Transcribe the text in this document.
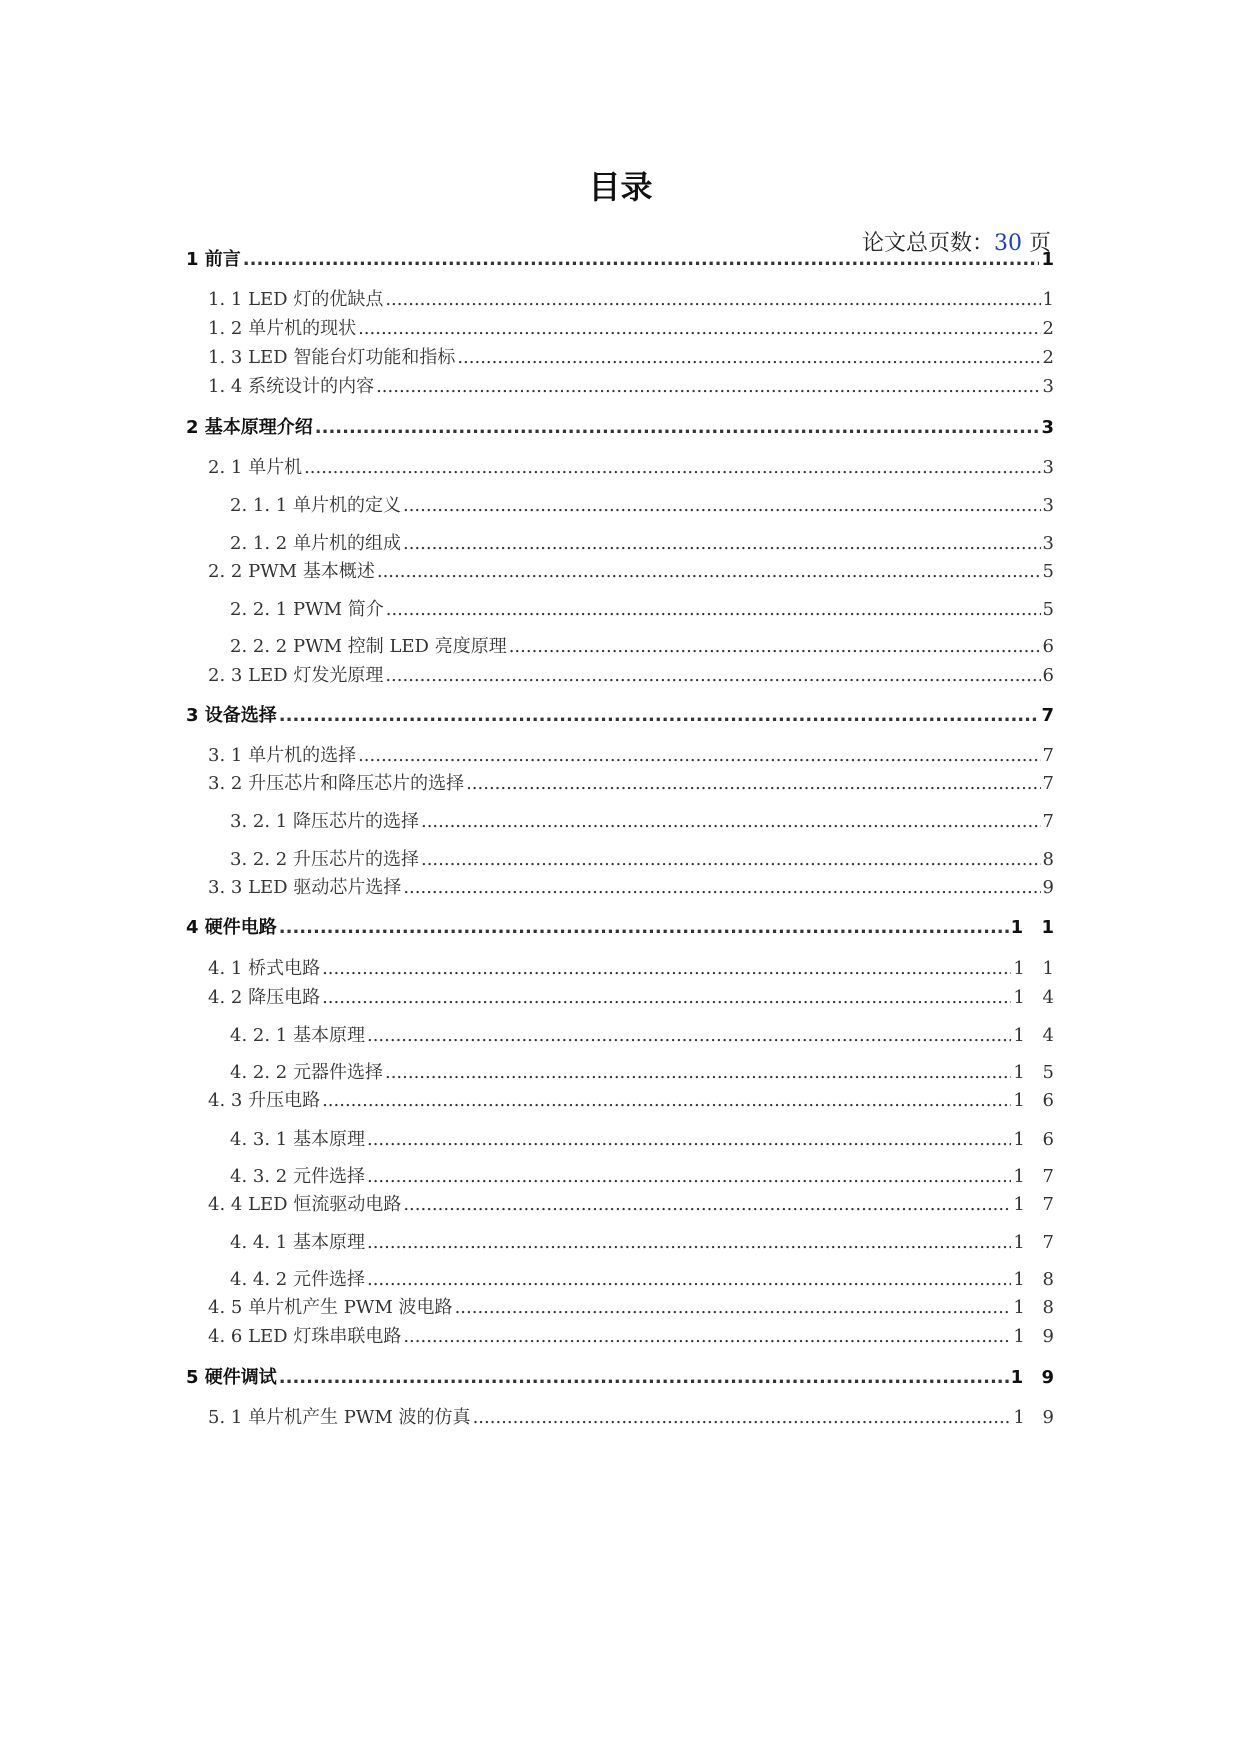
目录
论文总页数：30 页
1 前言 .....	1
1. 1 LED 灯的优缺点 .....	1
1. 2 单片机的现状 .....	2
1. 3 LED 智能台灯功能和指标 .....	2
1. 4 系统设计的内容 .....	3
2 基本原理介绍 .....	3
2. 1 单片机 .....	3
2. 1. 1 单片机的定义 .....	3
2. 1. 2 单片机的组成 .....	3
2. 2 PWM 基本概述 .....	5
2. 2. 1 PWM 简介 .....	5
2. 2. 2 PWM 控制 LED 亮度原理 .....	6
2. 3 LED 灯发光原理 .....	6
3 设备选择 .....	7
3. 1 单片机的选择 .....	7
3. 2 升压芯片和降压芯片的选择 .....	7
3. 2. 1 降压芯片的选择 .....	7
3. 2. 2 升压芯片的选择 .....	8
3. 3 LED 驱动芯片选择 .....	9
4 硬件电路 .....	1 1
4. 1 桥式电路 .....	1 1
4. 2 降压电路 .....	1 4
4. 2. 1 基本原理 .....	1 4
4. 2. 2 元器件选择 .....	1 5
4. 3 升压电路 .....	1 6
4. 3. 1 基本原理 .....	1 6
4. 3. 2 元件选择 .....	1 7
4. 4 LED 恒流驱动电路 .....	1 7
4. 4. 1 基本原理 .....	1 7
4. 4. 2 元件选择 .....	1 8
4. 5 单片机产生 PWM 波电路 .....	1 8
4. 6 LED 灯珠串联电路 .....	1 9
5 硬件调试 .....	1 9
5. 1 单片机产生 PWM 波的仿真 .....	1 9
